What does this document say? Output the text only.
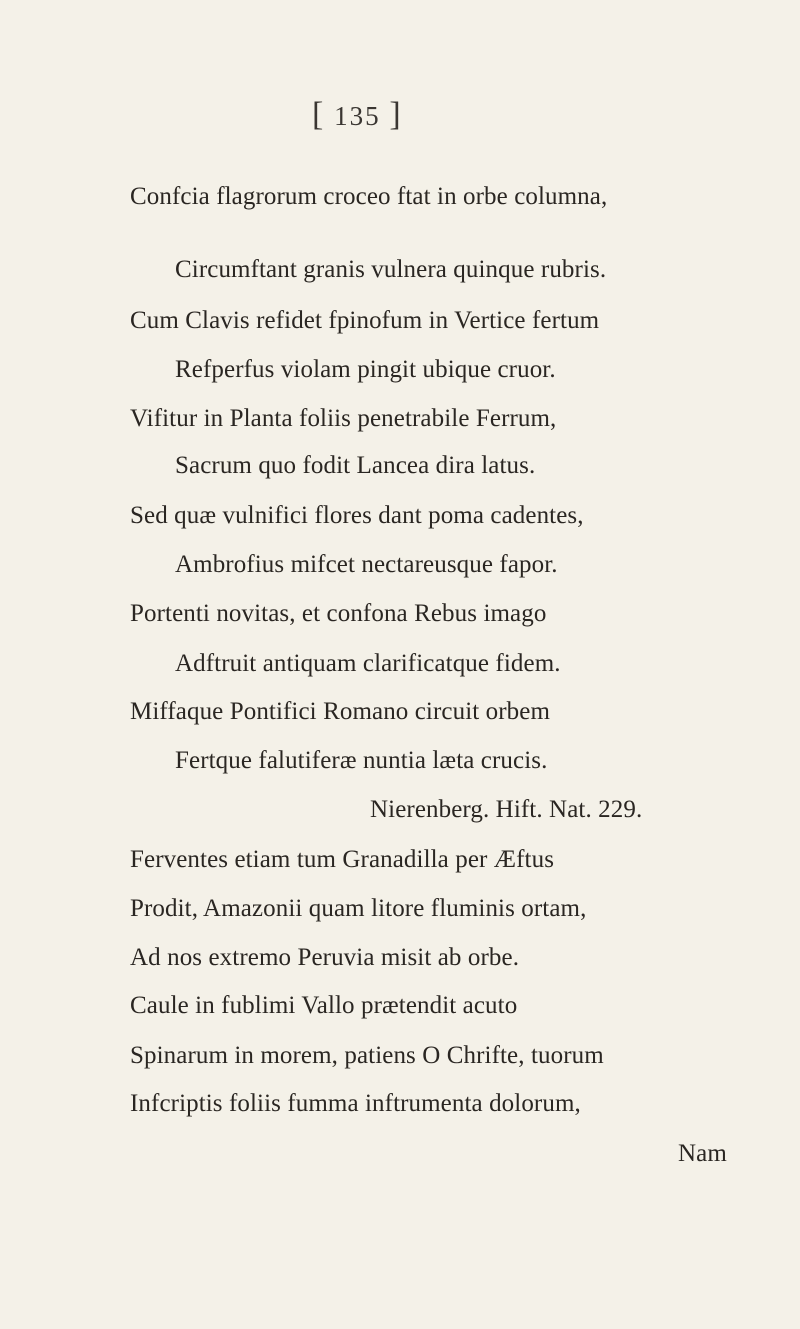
[ 135 ]
Confcia flagrorum croceo ftat in orbe columna,
Circumftant granis vulnera quinque rubris.
Cum Clavis refidet fpinofum in Vertice fertum
Refperfus violam pingit ubique cruor.
Vifitur in Planta foliis penetrabile Ferrum,
Sacrum quo fodit Lancea dira latus.
Sed quæ vulnifici flores dant poma cadentes,
Ambrofius mifcet nectareusque fapor.
Portenti novitas, et confona Rebus imago
Adftruit antiquam clarificatque fidem.
Miffaque Pontifici Romano circuit orbem
Fertque falutiferæ nuntia læta crucis.
Nierenberg. Hift. Nat. 229.
Ferventes etiam tum Granadilla per Æftus
Prodit, Amazonii quam litore fluminis ortam,
Ad nos extremo Peruvia misit ab orbe.
Caule in fublimi Vallo prætendit acuto
Spinarum in morem, patiens O Chrifte, tuorum
Infcriptis foliis fumma inftrumenta dolorum,
Nam
